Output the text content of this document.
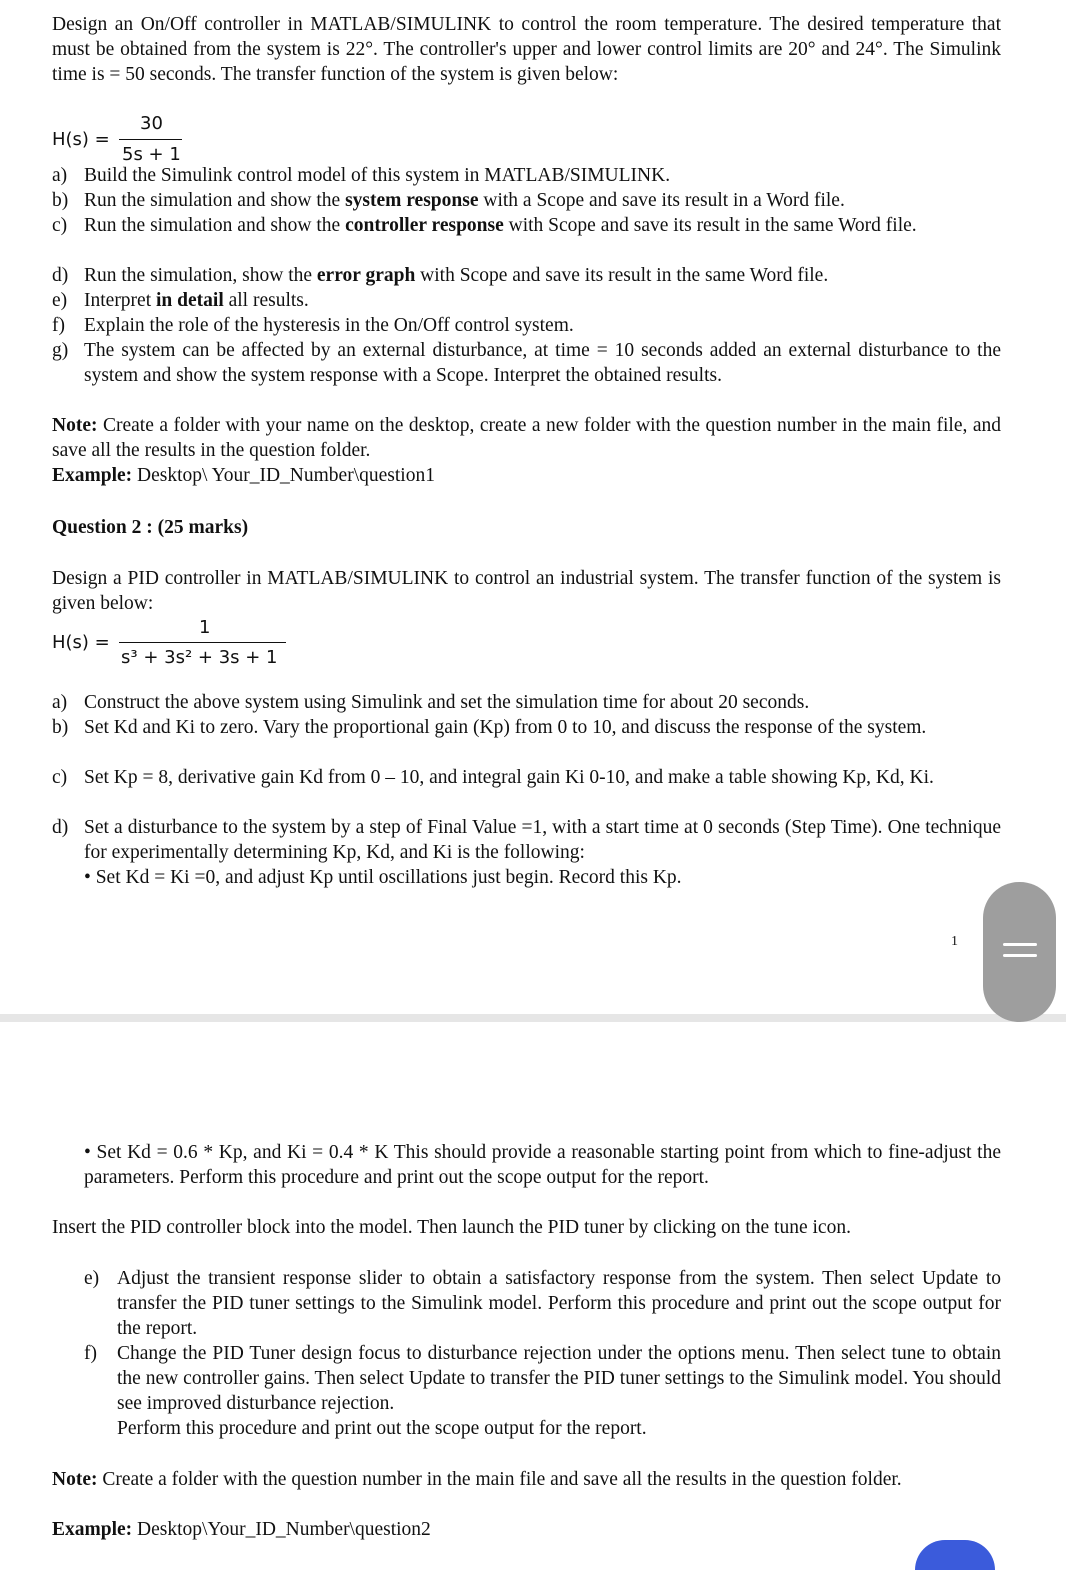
Design an On/Off controller in MATLAB/SIMULINK to control the room temperature. The desired temperature that must be obtained from the system is 22°. The controller's upper and lower control limits are 20° and 24°. The Simulink time is = 50 seconds. The transfer function of the system is given below:
H(s) =
30
5s + 1
a) Build the Simulink control model of this system in MATLAB/SIMULINK.
b) Run the simulation and show the system response with a Scope and save its result in a Word file.
c) Run the simulation and show the controller response with Scope and save its result in the same Word file.
d) Run the simulation, show the error graph with Scope and save its result in the same Word file.
e) Interpret in detail all results.
f) Explain the role of the hysteresis in the On/Off control system.
g) The system can be affected by an external disturbance, at time = 10 seconds added an external disturbance to the system and show the system response with a Scope. Interpret the obtained results.
Note: Create a folder with your name on the desktop, create a new folder with the question number in the main file, and save all the results in the question folder.
Example: Desktop\ Your_ID_Number\question1
Question 2 : (25 marks)
Design a PID controller in MATLAB/SIMULINK to control an industrial system. The transfer function of the system is given below:
H(s) =
1
s³ + 3s² + 3s + 1
a) Construct the above system using Simulink and set the simulation time for about 20 seconds.
b) Set Kd and Ki to zero. Vary the proportional gain (Kp) from 0 to 10, and discuss the response of the system.
c) Set Kp = 8, derivative gain Kd from 0 – 10, and integral gain Ki 0-10, and make a table showing Kp, Kd, Ki.
d) Set a disturbance to the system by a step of Final Value =1, with a start time at 0 seconds (Step Time). One technique for experimentally determining Kp, Kd, and Ki is the following:
• Set Kd = Ki =0, and adjust Kp until oscillations just begin. Record this Kp.
1
• Set Kd = 0.6 * Kp, and Ki = 0.4 * K This should provide a reasonable starting point from which to fine-adjust the parameters. Perform this procedure and print out the scope output for the report.
Insert the PID controller block into the model. Then launch the PID tuner by clicking on the tune icon.
e) Adjust the transient response slider to obtain a satisfactory response from the system. Then select Update to transfer the PID tuner settings to the Simulink model. Perform this procedure and print out the scope output for the report.
f) Change the PID Tuner design focus to disturbance rejection under the options menu. Then select tune to obtain the new controller gains. Then select Update to transfer the PID tuner settings to the Simulink model. You should see improved disturbance rejection.
Perform this procedure and print out the scope output for the report.
Note: Create a folder with the question number in the main file and save all the results in the question folder.
Example: Desktop\Your_ID_Number\question2
